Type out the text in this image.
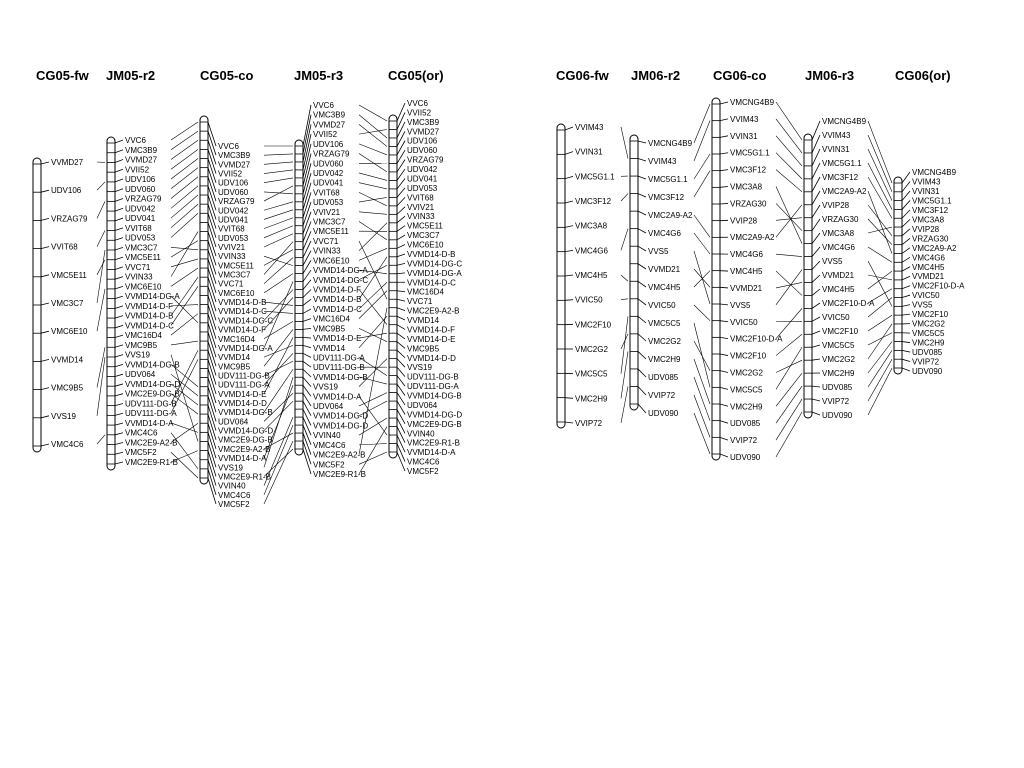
CG05-fw
VVMD27
UDV106
VRZAG79
VVIT68
VMC5E11
VMC3C7
VMC6E10
VVMD14
VMC9B5
VVS19
VMC4C6
JM05-r2
VVC6
VMC3B9
VVMD27
VVII52
UDV106
UDV060
VRZAG79
UDV042
UDV041
VVIT68
UDV053
VMC3C7
VMC5E11
VVC71
VVIN33
VMC6E10
VVMD14-DG-A
VVMD14-D-F
VVMD14-D-B
VVMD14-D-C
VMC16D4
VMC9B5
VVS19
VVMD14-DG-B
UDV064
VVMD14-DG-D
VMC2E9-DG-B
UDV111-DG-B
UDV111-DG-A
VVMD14-D-A
VMC4C6
VMC2E9-A2-B
VMC5F2
VMC2E9-R1-B
CG05-co
VVC6
VMC3B9
VVMD27
VVII52
UDV106
UDV060
VRZAG79
UDV042
UDV041
VVIT68
UDV053
VVIV21
VVIN33
VMC5E11
VMC3C7
VVC71
VMC6E10
VVMD14-D-B
VVMD14-D-C
VVMD14-DG-C
VVMD14-D-F
VMC16D4
VVMD14-DG-A
VVMD14
VMC9B5
UDV111-DG-B
UDV111-DG-A
VVMD14-D-E
VVMD14-D-D
VVMD14-DG-B
UDV064
VVMD14-DG-D
VMC2E9-DG-B
VMC2E9-A2-B
VVMD14-D-A
VVS19
VMC2E9-R1-B
VVIN40
VMC4C6
VMC5F2
JM05-r3
VVC6
VMC3B9
VVMD27
VVII52
UDV106
VRZAG79
UDV060
UDV042
UDV041
VVIT68
UDV053
VVIV21
VMC3C7
VMC5E11
VVC71
VVIN33
VMC6E10
VVMD14-DG-A
VVMD14-DG-C
VVMD14-D-F
VVMD14-D-B
VVMD14-D-C
VMC16D4
VMC9B5
VVMD14-D-E
VVMD14
UDV111-DG-A
UDV111-DG-B
VVMD14-DG-B
VVS19
VVMD14-D-A
UDV064
VVMD14-DG-D
VVMD14-DG-D
VVIN40
VMC4C6
VMC2E9-A2-B
VMC5F2
VMC2E9-R1-B
CG05(or)
VVC6
VVII52
VMC3B9
VVMD27
UDV106
UDV060
VRZAG79
UDV042
UDV041
UDV053
VVIT68
VVIV21
VVIN33
VMC5E11
VMC3C7
VMC6E10
VVMD14-D-B
VVMD14-DG-C
VVMD14-DG-A
VVMD14-D-C
VMC16D4
VVC71
VMC2E9-A2-B
VVMD14
VVMD14-D-F
VVMD14-D-E
VMC9B5
VVMD14-D-D
VVS19
UDV111-DG-B
UDV111-DG-A
VVMD14-DG-B
UDV064
VVMD14-DG-D
VMC2E9-DG-B
VVIN40
VMC2E9-R1-B
VVMD14-D-A
VMC4C6
VMC5F2
CG06-fw
VVIM43
VVIN31
VMC5G1.1
VMC3F12
VMC3A8
VMC4G6
VMC4H5
VVIC50
VMC2F10
VMC2G2
VMC5C5
VMC2H9
VVIP72
JM06-r2
VMCNG4B9
VVIM43
VMC5G1.1
VMC3F12
VMC2A9-A2
VMC4G6
VVS5
VVMD21
VMC4H5
VVIC50
VMC5C5
VMC2G2
VMC2H9
UDV085
VVIP72
UDV090
CG06-co
VMCNG4B9
VVIM43
VVIN31
VMC5G1.1
VMC3F12
VMC3A8
VRZAG30
VVIP28
VMC2A9-A2
VMC4G6
VMC4H5
VVMD21
VVS5
VVIC50
VMC2F10-D-A
VMC2F10
VMC2G2
VMC5C5
VMC2H9
UDV085
VVIP72
UDV090
JM06-r3
VMCNG4B9
VVIM43
VVIN31
VMC5G1.1
VMC3F12
VMC2A9-A2
VVIP28
VRZAG30
VMC3A8
VMC4G6
VVS5
VVMD21
VMC4H5
VMC2F10-D-A
VVIC50
VMC2F10
VMC5C5
VMC2G2
VMC2H9
UDV085
VVIP72
UDV090
CG06(or)
VMCNG4B9
VVIM43
VVIN31
VMC5G1.1
VMC3F12
VMC3A8
VVIP28
VRZAG30
VMC2A9-A2
VMC4G6
VMC4H5
VVMD21
VMC2F10-D-A
VVIC50
VVS5
VMC2F10
VMC2G2
VMC5C5
VMC2H9
UDV085
VVIP72
UDV090
